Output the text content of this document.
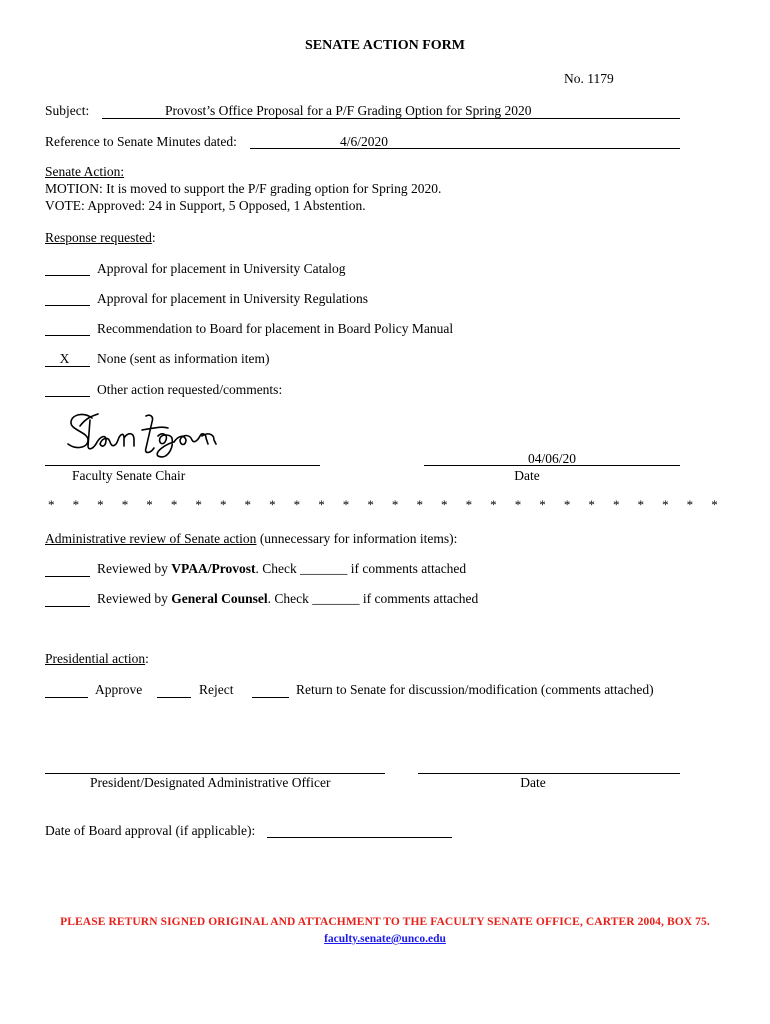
SENATE ACTION FORM
No. 1179
Subject:	Provost’s Office Proposal for a P/F Grading Option for Spring 2020
Reference to Senate Minutes dated:	4/6/2020
Senate Action:
MOTION: It is moved to support the P/F grading option for Spring 2020.
VOTE: Approved: 24 in Support, 5 Opposed, 1 Abstention.
Response requested:
Approval for placement in University Catalog
Approval for placement in University Regulations
Recommendation to Board for placement in Board Policy Manual
X	None (sent as information item)
Other action requested/comments:
Faculty Senate Chair
04/06/20
Date
* * * * * * * * * * * * * * * * * * * * * * * * * * * *
Administrative review of Senate action (unnecessary for information items):
Reviewed by VPAA/Provost. Check _______ if comments attached
Reviewed by General Counsel. Check _______ if comments attached
Presidential action:
Approve	Reject	Return to Senate for discussion/modification (comments attached)
President/Designated Administrative Officer	Date
Date of Board approval (if applicable):
PLEASE RETURN SIGNED ORIGINAL AND ATTACHMENT TO THE FACULTY SENATE OFFICE, CARTER 2004, BOX 75.
faculty.senate@unco.edu
